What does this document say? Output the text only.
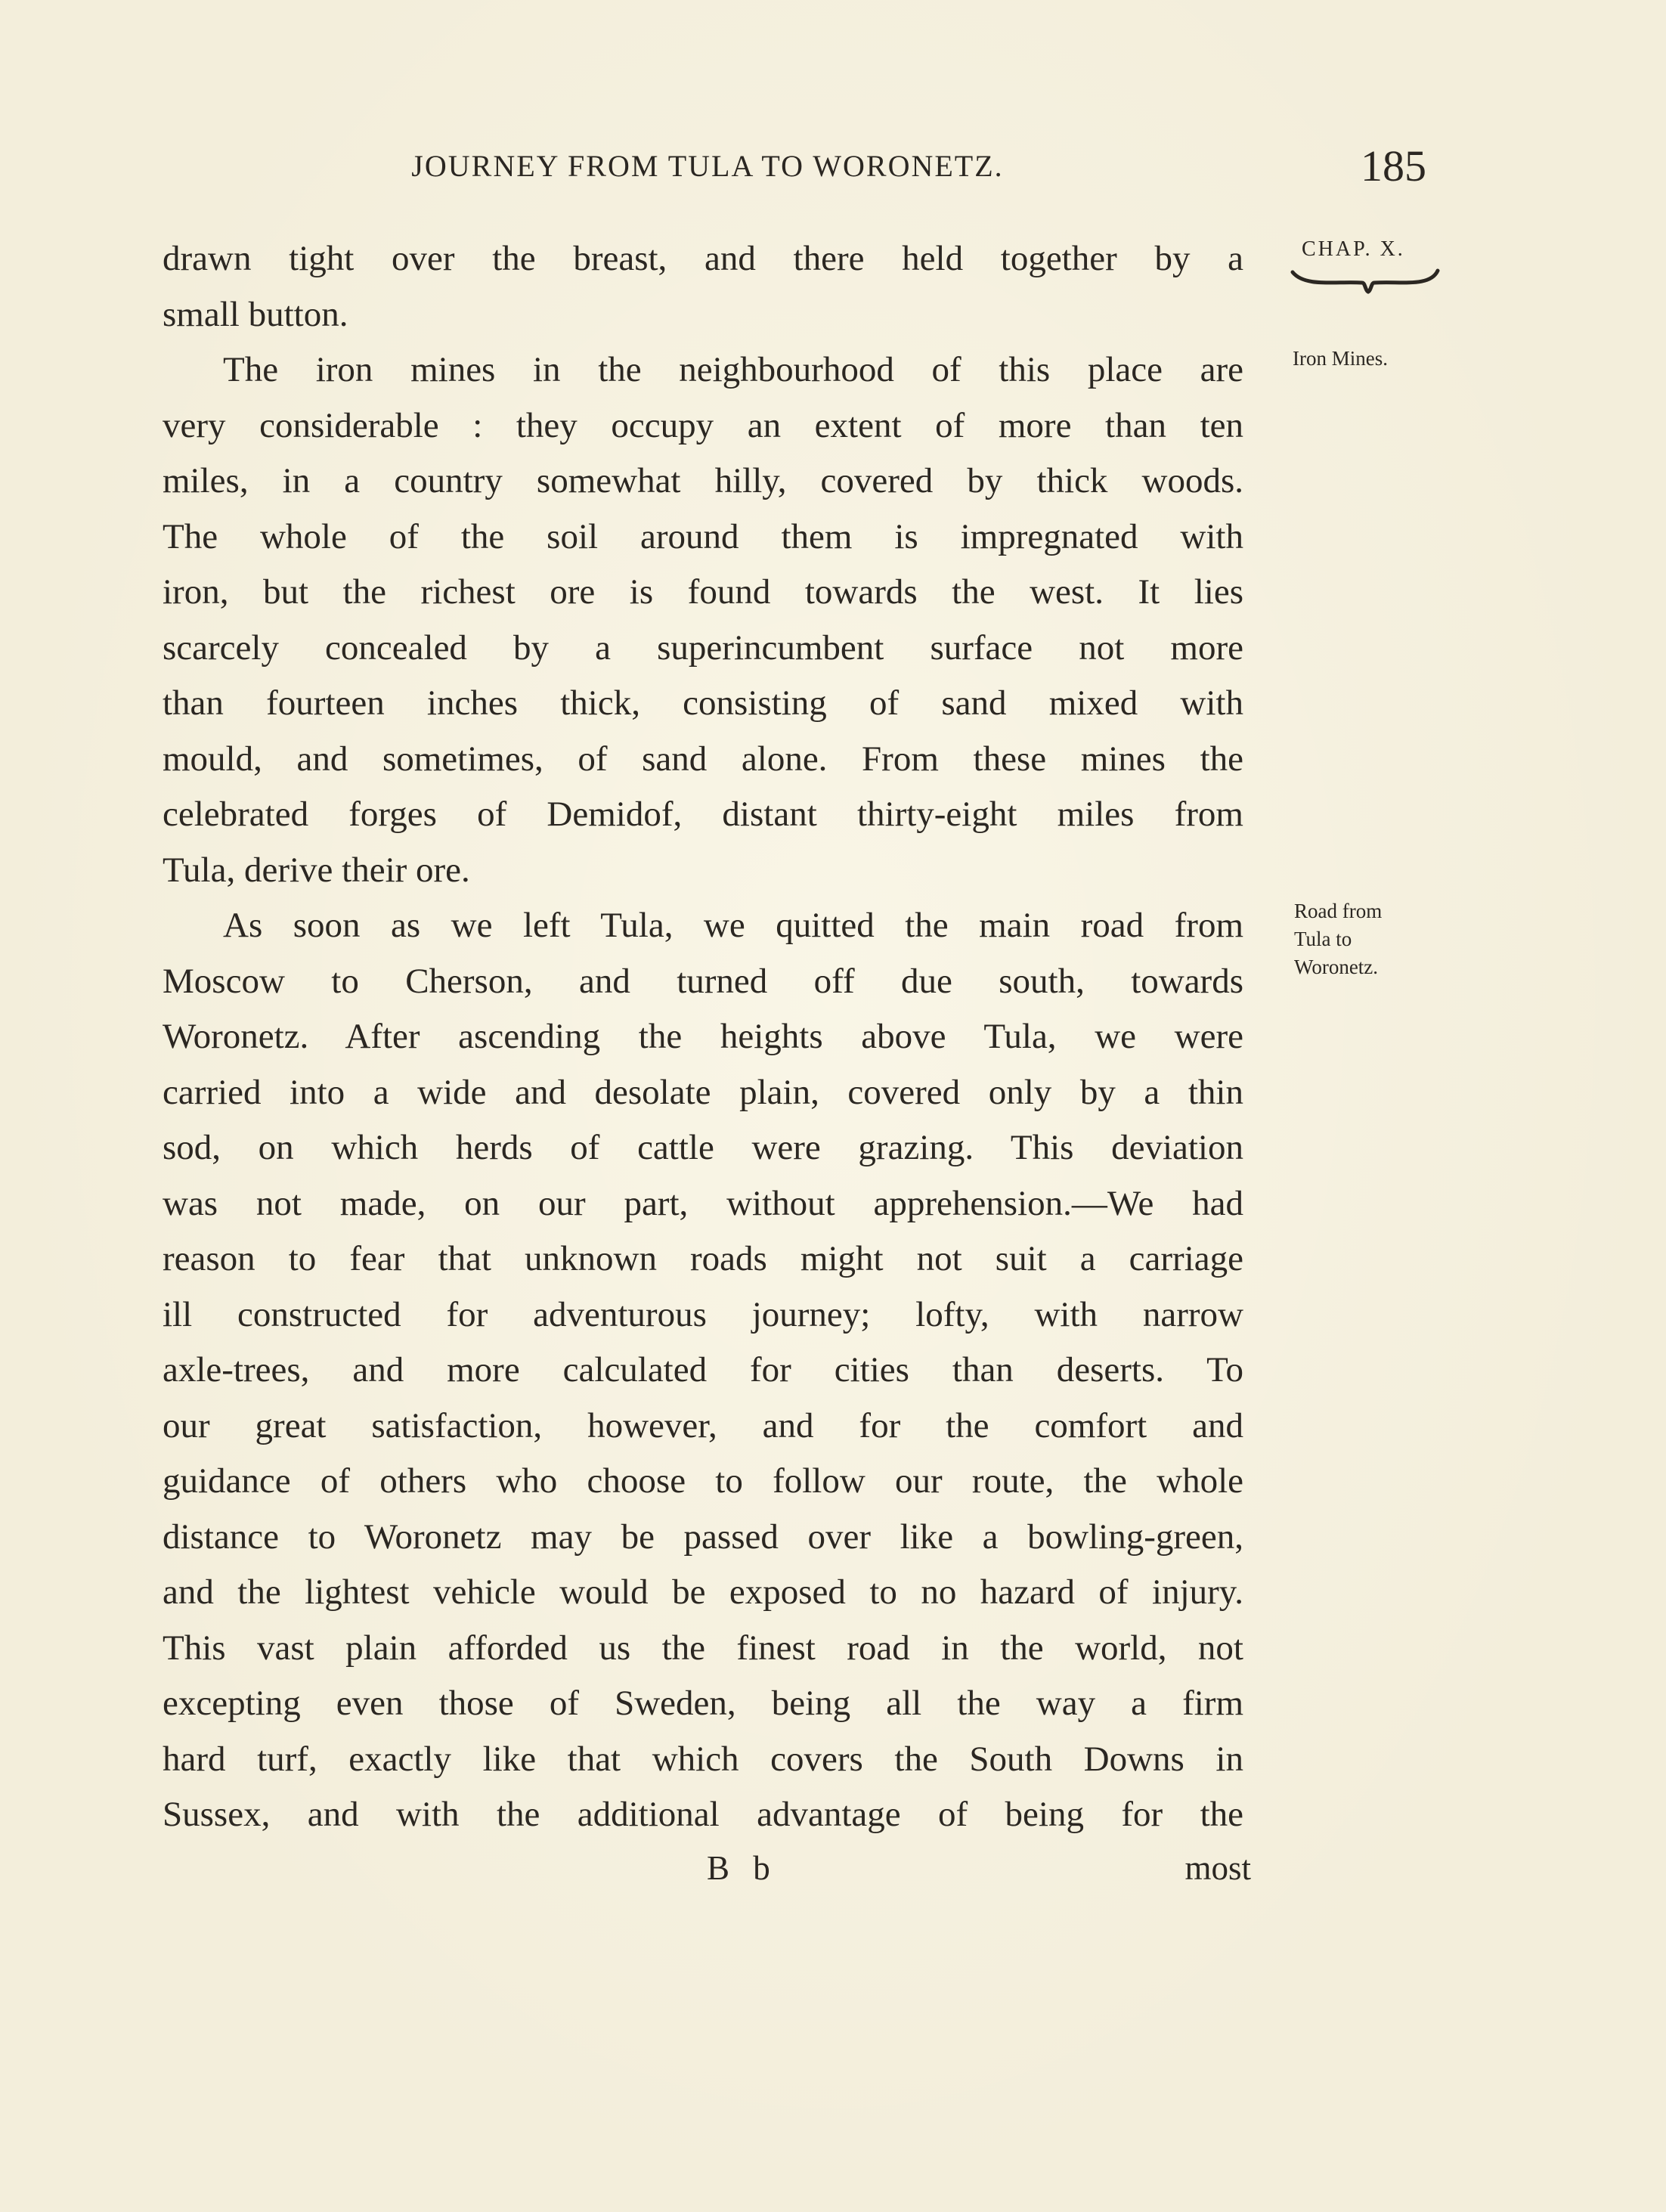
JOURNEY FROM TULA TO WORONETZ.	185
drawn tight over the breast, and there held together by a
small button.
The iron mines in the neighbourhood of this place are
very considerable : they occupy an extent of more than ten
miles, in a country somewhat hilly, covered by thick woods.
The whole of the soil around them is impregnated with
iron, but the richest ore is found towards the west. It lies
scarcely concealed by a superincumbent surface not more
than fourteen inches thick, consisting of sand mixed with
mould, and sometimes, of sand alone. From these mines the
celebrated forges of Demidof, distant thirty-eight miles from
Tula, derive their ore.
As soon as we left Tula, we quitted the main road from
Moscow to Cherson, and turned off due south, towards
Woronetz. After ascending the heights above Tula, we were
carried into a wide and desolate plain, covered only by a thin
sod, on which herds of cattle were grazing. This deviation
was not made, on our part, without apprehension.—We had
reason to fear that unknown roads might not suit a carriage
ill constructed for adventurous journey; lofty, with narrow
axle-trees, and more calculated for cities than deserts. To
our great satisfaction, however, and for the comfort and
guidance of others who choose to follow our route, the whole
distance to Woronetz may be passed over like a bowling-green,
and the lightest vehicle would be exposed to no hazard of injury.
This vast plain afforded us the finest road in the world, not
excepting even those of Sweden, being all the way a firm
hard turf, exactly like that which covers the South Downs in
Sussex, and with the additional advantage of being for the
B b	most
CHAP. X.
Iron Mines.
Road from
Tula to
Woronetz.
